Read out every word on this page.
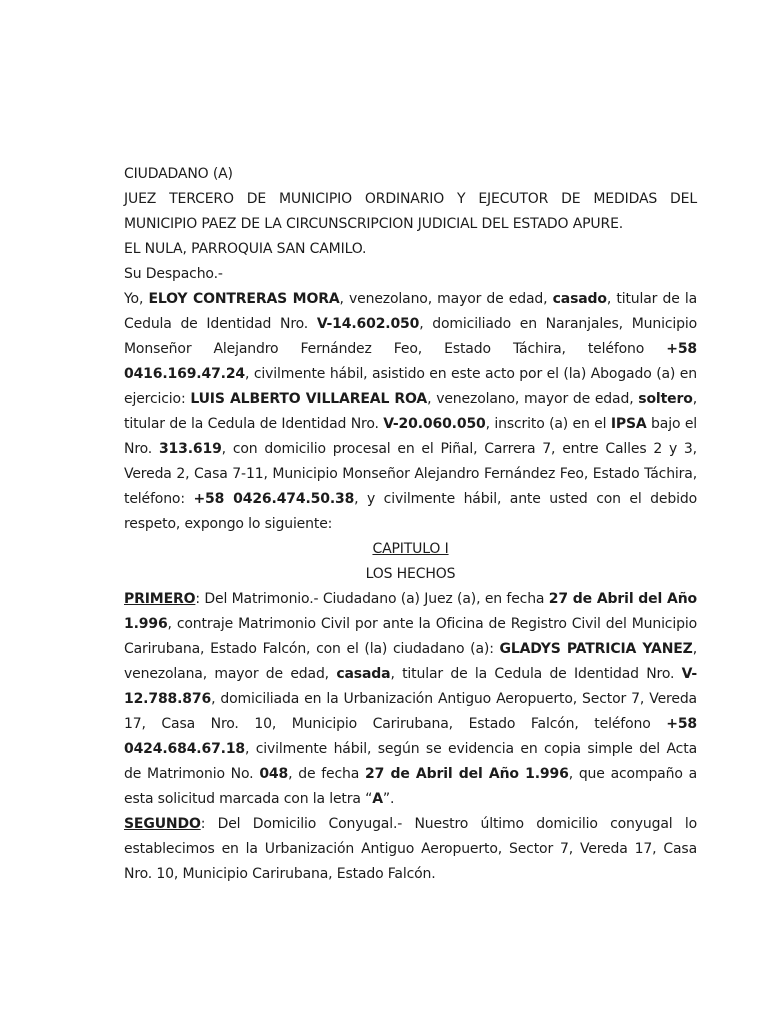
CIUDADANO (A)

JUEZ TERCERO DE MUNICIPIO ORDINARIO Y EJECUTOR DE MEDIDAS DEL MUNICIPIO PAEZ DE LA CIRCUNSCRIPCION JUDICIAL DEL ESTADO APURE.

EL NULA, PARROQUIA SAN CAMILO.

Su Despacho.-

Yo, ELOY CONTRERAS MORA, venezolano, mayor de edad, casado, titular de la Cedula de Identidad Nro. V-14.602.050, domiciliado en Naranjales, Municipio Monseñor Alejandro Fernández Feo, Estado Táchira, teléfono +58 0416.169.47.24, civilmente hábil, asistido en este acto por el (la) Abogado (a) en ejercicio: LUIS ALBERTO VILLAREAL ROA, venezolano, mayor de edad, soltero, titular de la Cedula de Identidad Nro. V-20.060.050, inscrito (a) en el IPSA bajo el Nro. 313.619, con domicilio procesal en el Piñal, Carrera 7, entre Calles 2 y 3, Vereda 2, Casa 7-11, Municipio Monseñor Alejandro Fernández Feo, Estado Táchira, teléfono: +58 0426.474.50.38, y civilmente hábil, ante usted con el debido respeto, expongo lo siguiente:

CAPITULO I

LOS HECHOS

PRIMERO: Del Matrimonio.- Ciudadano (a) Juez (a), en fecha 27 de Abril del Año 1.996, contraje Matrimonio Civil por ante la Oficina de Registro Civil del Municipio Carirubana, Estado Falcón, con el (la) ciudadano (a): GLADYS PATRICIA YANEZ, venezolana, mayor de edad, casada, titular de la Cedula de Identidad Nro. V-12.788.876, domiciliada en la Urbanización Antiguo Aeropuerto, Sector 7, Vereda 17, Casa Nro. 10, Municipio Carirubana, Estado Falcón, teléfono +58 0424.684.67.18, civilmente hábil, según se evidencia en copia simple del Acta de Matrimonio No. 048, de fecha 27 de Abril del Año 1.996, que acompaño a esta solicitud marcada con la letra “A”.

SEGUNDO: Del Domicilio Conyugal.- Nuestro último domicilio conyugal lo establecimos en la Urbanización Antiguo Aeropuerto, Sector 7, Vereda 17, Casa Nro. 10, Municipio Carirubana, Estado Falcón.
